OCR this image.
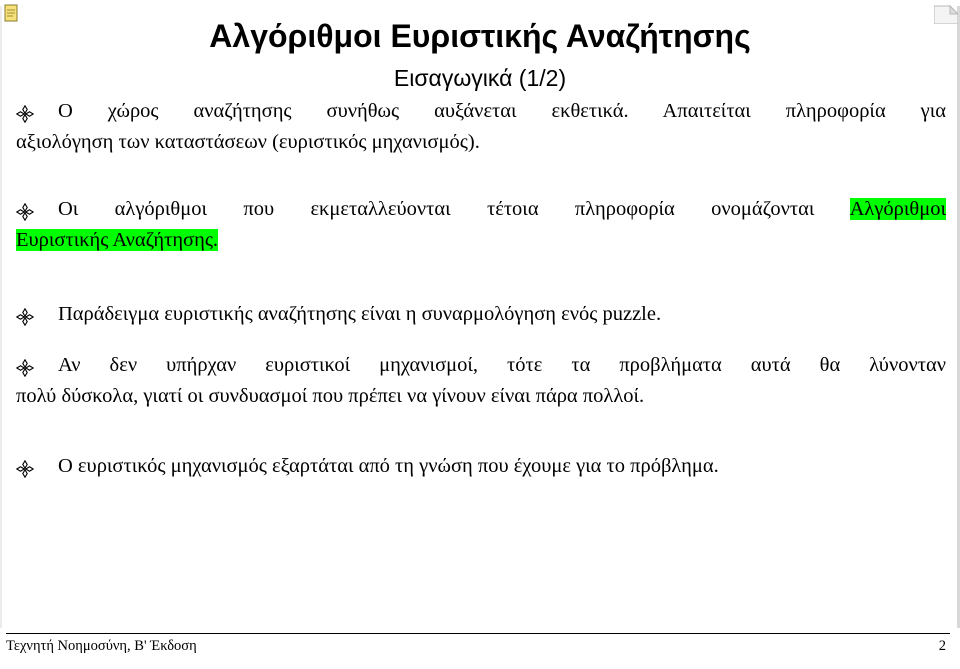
Αλγόριθμοι Ευριστικής Αναζήτησης
Εισαγωγικά (1/2)
Ο χώρος αναζήτησης συνήθως αυξάνεται εκθετικά. Απαιτείται πληροφορία για
αξιολόγηση των καταστάσεων (ευριστικός μηχανισμός).
Οι αλγόριθμοι που εκμεταλλεύονται τέτοια πληροφορία ονομάζονται Αλγόριθμοι
Ευριστικής Αναζήτησης.
Παράδειγμα ευριστικής αναζήτησης είναι η συναρμολόγηση ενός puzzle.
Αν δεν υπήρχαν ευριστικοί μηχανισμοί, τότε τα προβλήματα αυτά θα λύνονταν
πολύ δύσκολα, γιατί οι συνδυασμοί που πρέπει να γίνουν είναι πάρα πολλοί.
Ο ευριστικός μηχανισμός εξαρτάται από τη γνώση που έχουμε για το πρόβλημα.
Τεχνητή Νοημοσύνη, B' Έκδοση	2
